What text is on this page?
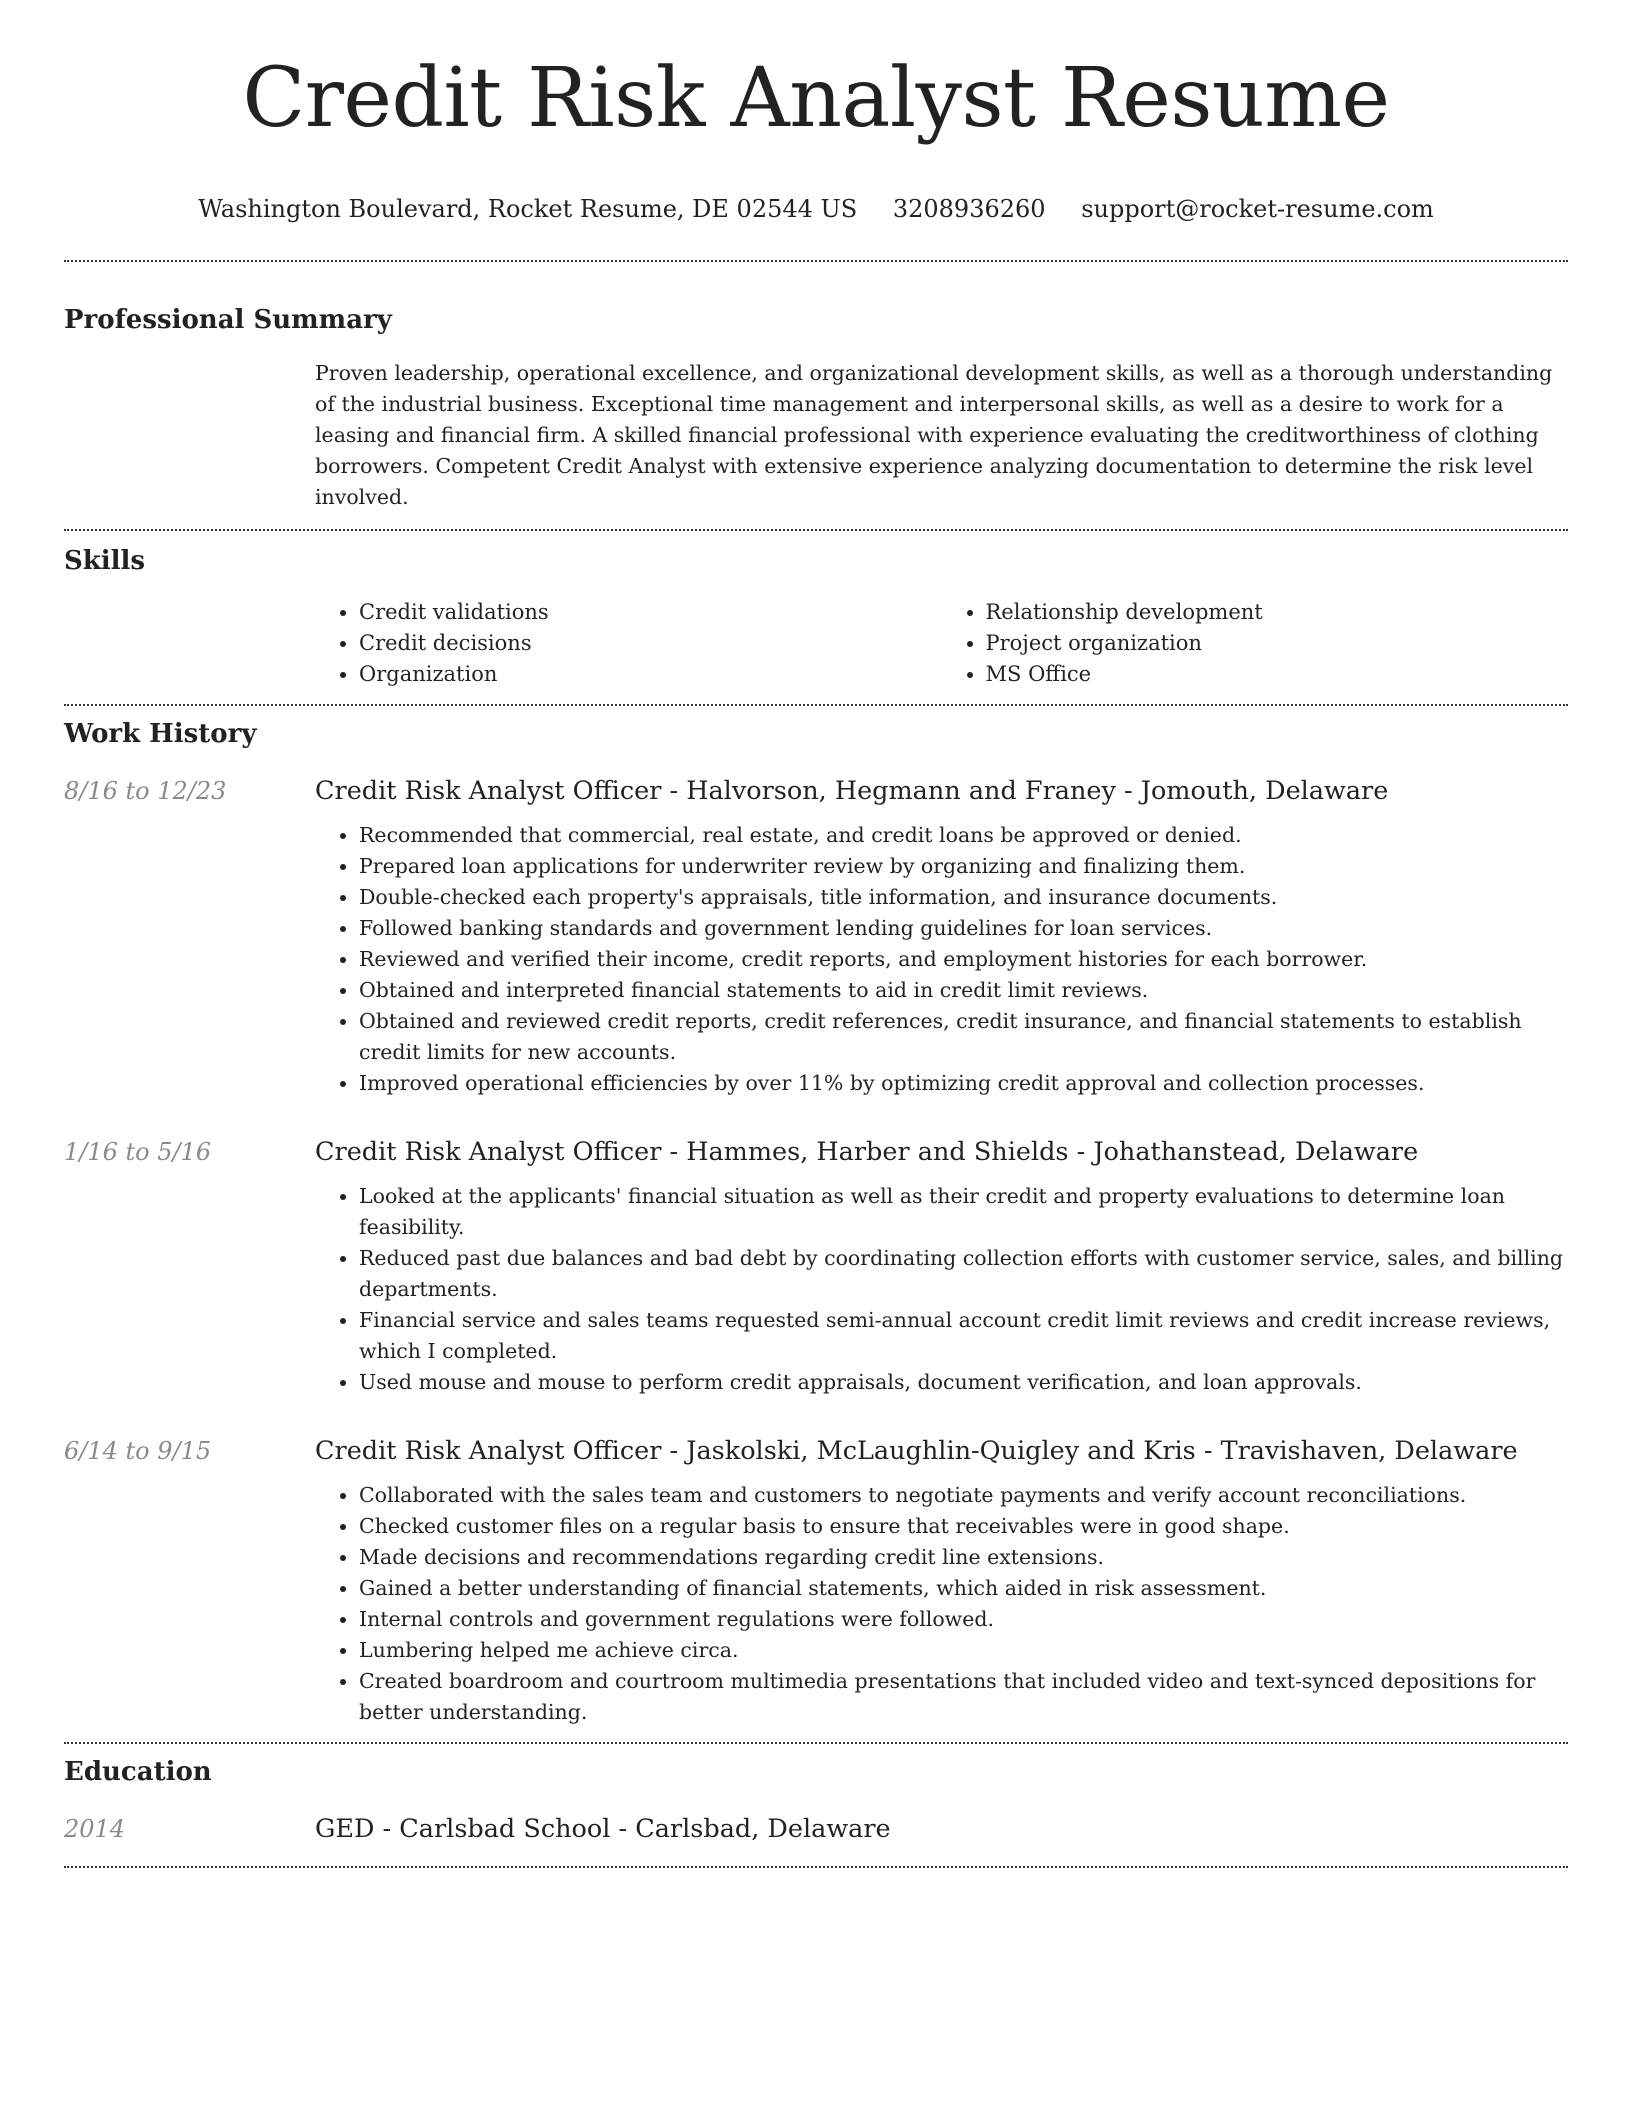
Credit Risk Analyst Resume
Washington Boulevard, Rocket Resume, DE 02544 US 3208936260 support@rocket-resume.com
Professional Summary
Proven leadership, operational excellence, and organizational development skills, as well as a thorough understanding of the industrial business. Exceptional time management and interpersonal skills, as well as a desire to work for a leasing and financial firm. A skilled financial professional with experience evaluating the creditworthiness of clothing borrowers. Competent Credit Analyst with extensive experience analyzing documentation to determine the risk level involved.
Skills
• Credit validations
• Credit decisions
• Organization
• Relationship development
• Project organization
• MS Office
Work History
8/16 to 12/23	Credit Risk Analyst Officer - Halvorson, Hegmann and Franey - Jomouth, Delaware
• Recommended that commercial, real estate, and credit loans be approved or denied.
• Prepared loan applications for underwriter review by organizing and finalizing them.
• Double-checked each property's appraisals, title information, and insurance documents.
• Followed banking standards and government lending guidelines for loan services.
• Reviewed and verified their income, credit reports, and employment histories for each borrower.
• Obtained and interpreted financial statements to aid in credit limit reviews.
• Obtained and reviewed credit reports, credit references, credit insurance, and financial statements to establish credit limits for new accounts.
• Improved operational efficiencies by over 11% by optimizing credit approval and collection processes.
1/16 to 5/16	Credit Risk Analyst Officer - Hammes, Harber and Shields - Johathanstead, Delaware
• Looked at the applicants' financial situation as well as their credit and property evaluations to determine loan feasibility.
• Reduced past due balances and bad debt by coordinating collection efforts with customer service, sales, and billing departments.
• Financial service and sales teams requested semi-annual account credit limit reviews and credit increase reviews, which I completed.
• Used mouse and mouse to perform credit appraisals, document verification, and loan approvals.
6/14 to 9/15	Credit Risk Analyst Officer - Jaskolski, McLaughlin-Quigley and Kris - Travishaven, Delaware
• Collaborated with the sales team and customers to negotiate payments and verify account reconciliations.
• Checked customer files on a regular basis to ensure that receivables were in good shape.
• Made decisions and recommendations regarding credit line extensions.
• Gained a better understanding of financial statements, which aided in risk assessment.
• Internal controls and government regulations were followed.
• Lumbering helped me achieve circa.
• Created boardroom and courtroom multimedia presentations that included video and text-synced depositions for better understanding.
Education
2014	GED - Carlsbad School - Carlsbad, Delaware
